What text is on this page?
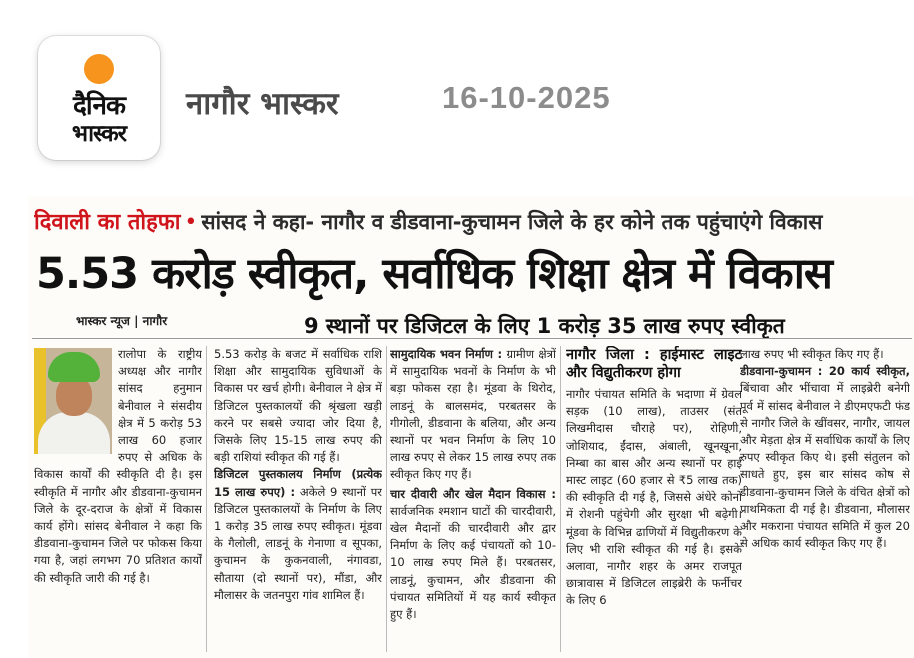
दैनिक
भास्कर
नागौर भास्कर	16-10-2025
दिवाली का तोहफा • सांसद ने कहा- नागौर व डीडवाना-कुचामन जिले के हर कोने तक पहुंचाएंगे विकास
5.53 करोड़ स्वीकृत, सर्वाधिक शिक्षा क्षेत्र में विकास
भास्कर न्यूज | नागौर	9 स्थानों पर डिजिटल के लिए 1 करोड़ 35 लाख रुपए स्वीकृत
रालोपा के राष्ट्रीय अध्यक्ष और नागौर सांसद हनुमान बेनीवाल ने संसदीय क्षेत्र में 5 करोड़ 53 लाख 60 हजार रुपए से अधिक के विकास कार्यों की स्वीकृति दी है। इस स्वीकृति में नागौर और डीडवाना-कुचामन जिले के दूर-दराज के क्षेत्रों में विकास कार्य होंगे। सांसद बेनीवाल ने कहा कि डीडवाना-कुचामन जिले पर फोकस किया गया है, जहां लगभग 70 प्रतिशत कार्यों की स्वीकृति जारी की गई है।
5.53 करोड़ के बजट में सर्वाधिक राशि शिक्षा और सामुदायिक सुविधाओं के विकास पर खर्च होगी। बेनीवाल ने क्षेत्र में डिजिटल पुस्तकालयों की श्रृंखला खड़ी करने पर सबसे ज्यादा जोर दिया है, जिसके लिए 15-15 लाख रुपए की बड़ी राशियां स्वीकृत की गई हैं।
डिजिटल पुस्तकालय निर्माण (प्रत्येक 15 लाख रुपए) : अकेले 9 स्थानों पर डिजिटल पुस्तकालयों के निर्माण के लिए 1 करोड़ 35 लाख रुपए स्वीकृत। मूंडवा के गैलोली, लाडनूं के गेनाणा व सूपका, कुचामन के कुकनवाली, नंगावडा, सौताया (दो स्थानों पर), मौंडा, और मौलासर के जतनपुरा गांव शामिल हैं।
सामुदायिक भवन निर्माण : ग्रामीण क्षेत्रों में सामुदायिक भवनों के निर्माण के भी बड़ा फोकस रहा है। मूंडवा के थिरोद, लाडनूं के बालसमंद, परबतसर के गीगोली, डीडवाना के बलिया, और अन्य स्थानों पर भवन निर्माण के लिए 10 लाख रुपए से लेकर 15 लाख रुपए तक स्वीकृत किए गए हैं।
चार दीवारी और खेल मैदान विकास : सार्वजनिक श्मशान घाटों की चारदीवारी, खेल मैदानों की चारदीवारी और द्वार निर्माण के लिए कई पंचायतों को 10-10 लाख रुपए मिले हैं। परबतसर, लाडनूं, कुचामन, और डीडवाना की पंचायत समितियों में यह कार्य स्वीकृत हुए हैं।
नागौर जिला : हाईमास्ट लाइट और विद्युतीकरण होगा
नागौर पंचायत समिति के भदाणा में ग्रेवल सड़क (10 लाख), ताउसर (संत लिखमीदास चौराहे पर), रोहिणी, जोशियाद, ईंदास, अंबाली, खूनखूना, निम्बा का बास और अन्य स्थानों पर हाई मास्ट लाइट (60 हजार से ₹5 लाख तक) की स्वीकृति दी गई है, जिससे अंधेरे कोनों में रोशनी पहुंचेगी और सुरक्षा भी बढ़ेगी। मूंडवा के विभिन्न ढाणियों में विद्युतीकरण के लिए भी राशि स्वीकृत की गई है। इसके अलावा, नागौर शहर के अमर राजपूत छात्रावास में डिजिटल लाइब्रेरी के फर्नीचर के लिए 6
लाख रुपए भी स्वीकृत किए गए हैं।
डीडवाना-कुचामन : 20 कार्य स्वीकृत, बिंचावा और भींचावा में लाइब्रेरी बनेगी पूर्व में सांसद बेनीवाल ने डीएमएफटी फंड से नागौर जिले के खींवसर, नागौर, जायल और मेड़ता क्षेत्र में सर्वाधिक कार्यों के लिए रुपए स्वीकृत किए थे। इसी संतुलन को साधते हुए, इस बार सांसद कोष से डीडवाना-कुचामन जिले के वंचित क्षेत्रों को प्राथमिकता दी गई है। डीडवाना, मौलासर और मकराना पंचायत समिति में कुल 20 से अधिक कार्य स्वीकृत किए गए हैं।
